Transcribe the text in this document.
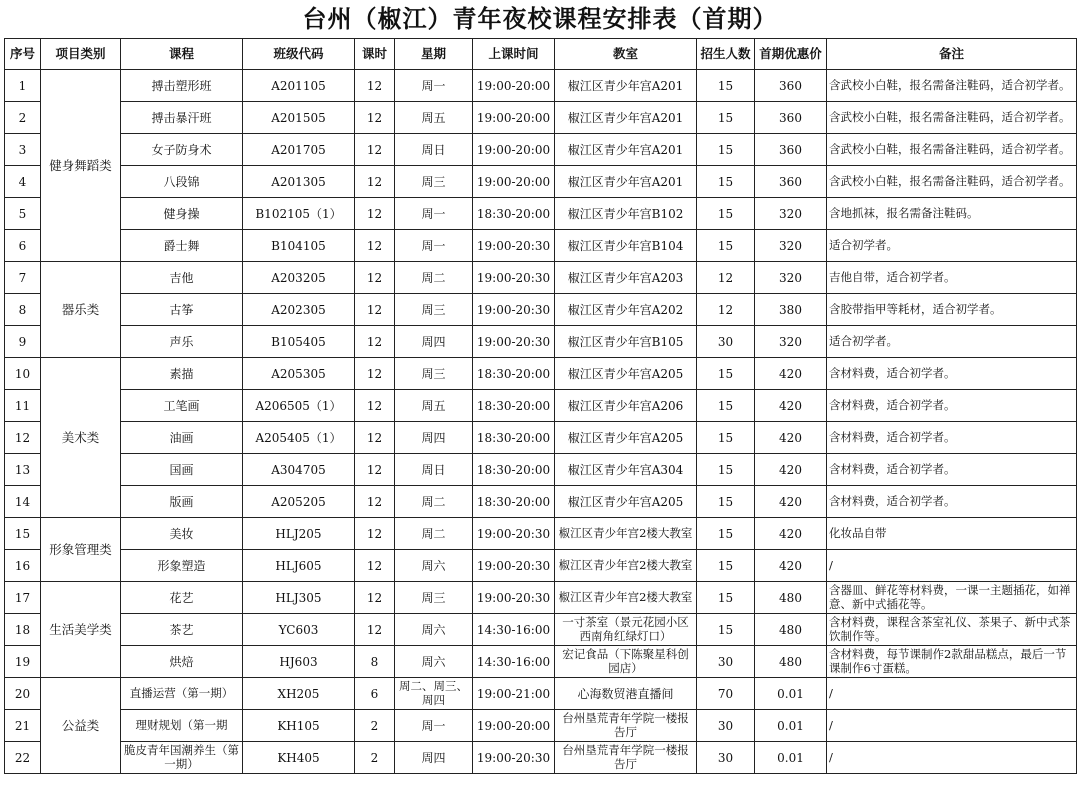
台州（椒江）青年夜校课程安排表（首期）
序号	项目类别	课程	班级代码	课时	星期	上课时间	教室	招生人数	首期优惠价	备注
1	健身舞蹈类	搏击塑形班	A201105	12	周一	19:00-20:00	椒江区青少年宫A201	15	360	含武校小白鞋，报名需备注鞋码，适合初学者。
2		搏击暴汗班	A201505	12	周五	19:00-20:00	椒江区青少年宫A201	15	360	含武校小白鞋，报名需备注鞋码，适合初学者。
3		女子防身术	A201705	12	周日	19:00-20:00	椒江区青少年宫A201	15	360	含武校小白鞋，报名需备注鞋码，适合初学者。
4		八段锦	A201305	12	周三	19:00-20:00	椒江区青少年宫A201	15	360	含武校小白鞋，报名需备注鞋码，适合初学者。
5		健身操	B102105（1）	12	周一	18:30-20:00	椒江区青少年宫B102	15	320	含地抓袜，报名需备注鞋码。
6		爵士舞	B104105	12	周一	19:00-20:30	椒江区青少年宫B104	15	320	适合初学者。
7	器乐类	吉他	A203205	12	周二	19:00-20:30	椒江区青少年宫A203	12	320	吉他自带，适合初学者。
8		古筝	A202305	12	周三	19:00-20:30	椒江区青少年宫A202	12	380	含胶带指甲等耗材，适合初学者。
9		声乐	B105405	12	周四	19:00-20:30	椒江区青少年宫B105	30	320	适合初学者。
10	美术类	素描	A205305	12	周三	18:30-20:00	椒江区青少年宫A205	15	420	含材料费，适合初学者。
11		工笔画	A206505（1）	12	周五	18:30-20:00	椒江区青少年宫A206	15	420	含材料费，适合初学者。
12		油画	A205405（1）	12	周四	18:30-20:00	椒江区青少年宫A205	15	420	含材料费，适合初学者。
13		国画	A304705	12	周日	18:30-20:00	椒江区青少年宫A304	15	420	含材料费，适合初学者。
14		版画	A205205	12	周二	18:30-20:00	椒江区青少年宫A205	15	420	含材料费，适合初学者。
15	形象管理类	美妆	HLJ205	12	周二	19:00-20:30	椒江区青少年宫2楼大教室	15	420	化妆品自带
16		形象塑造	HLJ605	12	周六	19:00-20:30	椒江区青少年宫2楼大教室	15	420	/
17	生活美学类	花艺	HLJ305	12	周三	19:00-20:30	椒江区青少年宫2楼大教室	15	480	含器皿、鲜花等材料费，一课一主题插花，如禅意、新中式插花等。
18		茶艺	YC603	12	周六	14:30-16:00	一寸茶室（景元花园小区西南角红绿灯口）	15	480	含材料费，课程含茶室礼仪、茶果子、新中式茶饮制作等。
19		烘焙	HJ603	8	周六	14:30-16:00	宏记食品（下陈聚星科创园店）	30	480	含材料费，每节课制作2款甜品糕点，最后一节课制作6寸蛋糕。
20	公益类	直播运营（第一期）	XH205	6	周二、周三、周四	19:00-21:00	心海数贸港直播间	70	0.01	/
21		理财规划（第一期	KH105	2	周一	19:00-20:00	台州垦荒青年学院一楼报告厅	30	0.01	/
22		脆皮青年国潮养生（第一期）	KH405	2	周四	19:00-20:30	台州垦荒青年学院一楼报告厅	30	0.01	/
